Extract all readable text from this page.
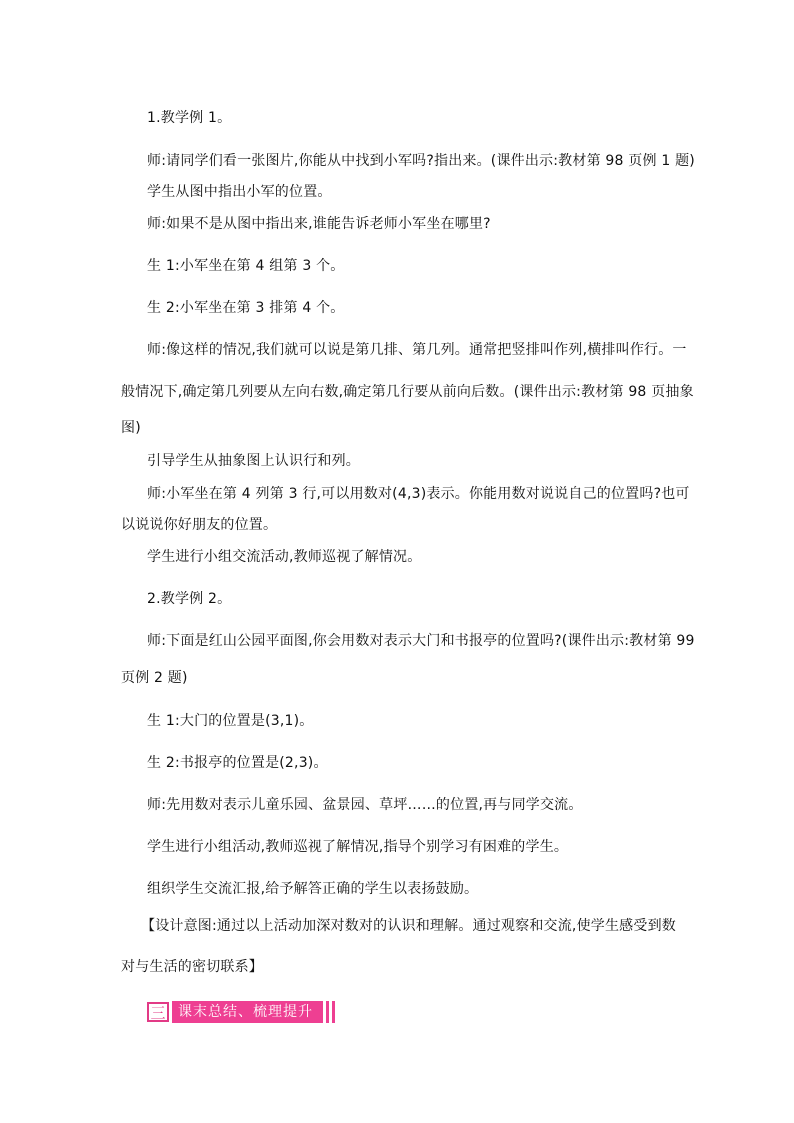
1.教学例 1。
师:请同学们看一张图片,你能从中找到小军吗?指出来。(课件出示:教材第 98 页例 1 题)
学生从图中指出小军的位置。
师:如果不是从图中指出来,谁能告诉老师小军坐在哪里?
生 1:小军坐在第 4 组第 3 个。
生 2:小军坐在第 3 排第 4 个。
师:像这样的情况,我们就可以说是第几排、第几列。通常把竖排叫作列,横排叫作行。一
般情况下,确定第几列要从左向右数,确定第几行要从前向后数。(课件出示:教材第 98 页抽象
图)
引导学生从抽象图上认识行和列。
师:小军坐在第 4 列第 3 行,可以用数对(4,3)表示。你能用数对说说自己的位置吗?也可
以说说你好朋友的位置。
学生进行小组交流活动,教师巡视了解情况。
2.教学例 2。
师:下面是红山公园平面图,你会用数对表示大门和书报亭的位置吗?(课件出示:教材第 99
页例 2 题)
生 1:大门的位置是(3,1)。
生 2:书报亭的位置是(2,3)。
师:先用数对表示儿童乐园、盆景园、草坪……的位置,再与同学交流。
学生进行小组活动,教师巡视了解情况,指导个别学习有困难的学生。
组织学生交流汇报,给予解答正确的学生以表扬鼓励。
【设计意图:通过以上活动加深对数对的认识和理解。通过观察和交流,使学生感受到数
对与生活的密切联系】
三 课末总结、梳理提升
